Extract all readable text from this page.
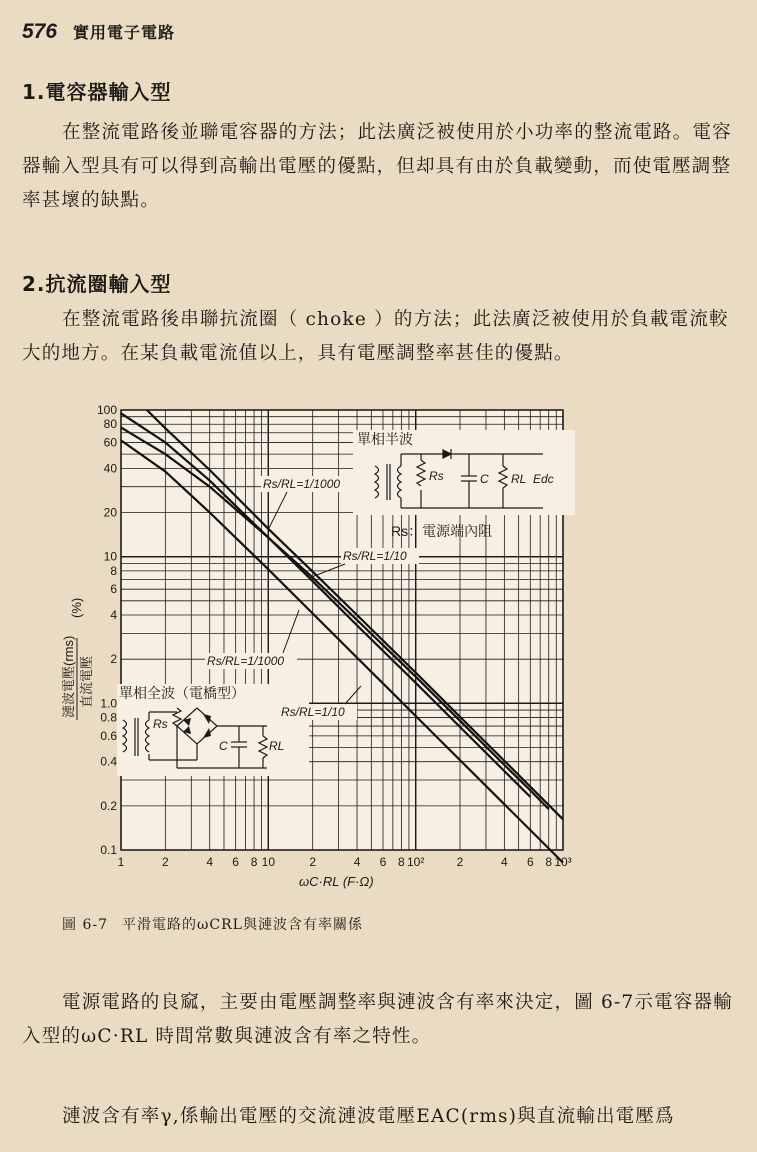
576 實用電子電路
1.電容器輸入型

在整流電路後並聯電容器的方法；此法廣泛被使用於小功率的整流電路。電容器輸入型具有可以得到高輸出電壓的優點，但却具有由於負載變動，而使電壓調整率甚壞的缺點。

2.抗流圈輸入型

在整流電路後串聯抗流圈（ choke ）的方法；此法廣泛被使用於負載電流較大的地方。在某負載電流值以上，具有電壓調整率甚佳的優點。

1	2	4 6 8 10	2	4 6 8 10²	2	4 6 8 10³
100
80
60
40
20
10
8
6
4
2
1.0
0.8
0.6
0.4
0.2
0.1
單相半波
Rs	C RL Edc
Rs：電源端內阻
單相全波（電橋型）
Rs
C	RL
Rs/RL=1/1000
Rs/RL=1/10
Rs/RL=1/1000
Rs/RL=1/10
漣波電壓(rms) 直流電壓
(%)
ωC·RL (F·Ω)
圖 6-7 平滑電路的ωCRL與漣波含有率關係

電源電路的良窳，主要由電壓調整率與漣波含有率來決定，圖 6-7示電容器輸入型的ωC·RL 時間常數與漣波含有率之特性。

漣波含有率γ,係輸出電壓的交流漣波電壓EAC(rms)與直流輸出電壓爲
